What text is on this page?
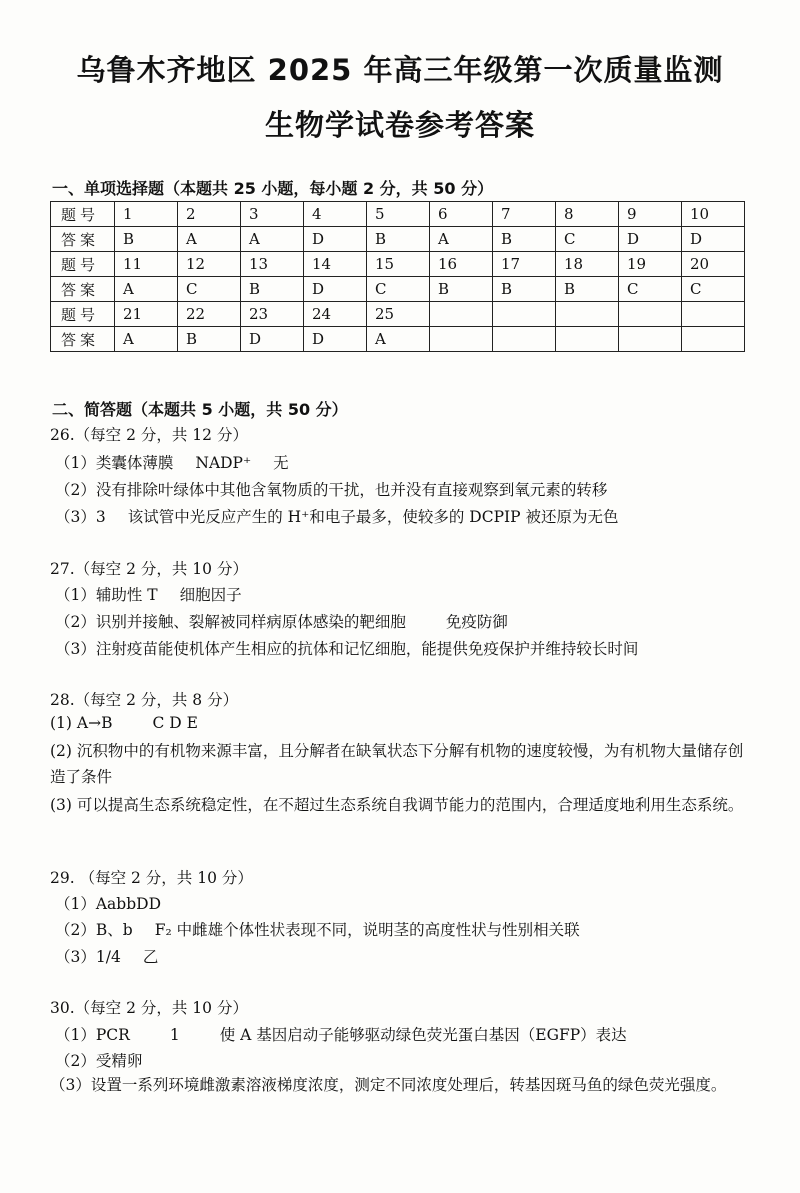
乌鲁木齐地区 2025 年高三年级第一次质量监测
生物学试卷参考答案
一、单项选择题（本题共 25 小题，每小题 2 分，共 50 分）
题号	1	2	3	4	5	6	7	8	9	10
答案	B	A	A	D	B	A	B	C	D	D
题号	11	12	13	14	15	16	17	18	19	20
答案	A	C	B	D	C	B	B	B	C	C
题号	21	22	23	24	25					
答案	A	B	D	D	A					
二、简答题（本题共 5 小题，共 50 分）
26.（每空 2 分，共 12 分）
（1）类囊体薄膜 NADP⁺ 无
（2）没有排除叶绿体中其他含氧物质的干扰，也并没有直接观察到氧元素的转移
（3）3 该试管中光反应产生的 H⁺和电子最多，使较多的 DCPIP 被还原为无色
27.（每空 2 分，共 10 分）
（1）辅助性 T 细胞因子
（2）识别并接触、裂解被同样病原体感染的靶细胞	免疫防御
（3）注射疫苗能使机体产生相应的抗体和记忆细胞，能提供免疫保护并维持较长时间
28.（每空 2 分，共 8 分）
(1) A→B	C D E
(2) 沉积物中的有机物来源丰富，且分解者在缺氧状态下分解有机物的速度较慢，为有机物大量储存创造了条件
(3) 可以提高生态系统稳定性，在不超过生态系统自我调节能力的范围内，合理适度地利用生态系统。
29. （每空 2 分，共 10 分）
（1）AabbDD
（2）B、b F₂ 中雌雄个体性状表现不同，说明茎的高度性状与性别相关联
（3）1/4 乙
30.（每空 2 分，共 10 分）
（1）PCR	1	使 A 基因启动子能够驱动绿色荧光蛋白基因（EGFP）表达
（2）受精卵
（3）设置一系列环境雌激素溶液梯度浓度，测定不同浓度处理后，转基因斑马鱼的绿色荧光强度。
